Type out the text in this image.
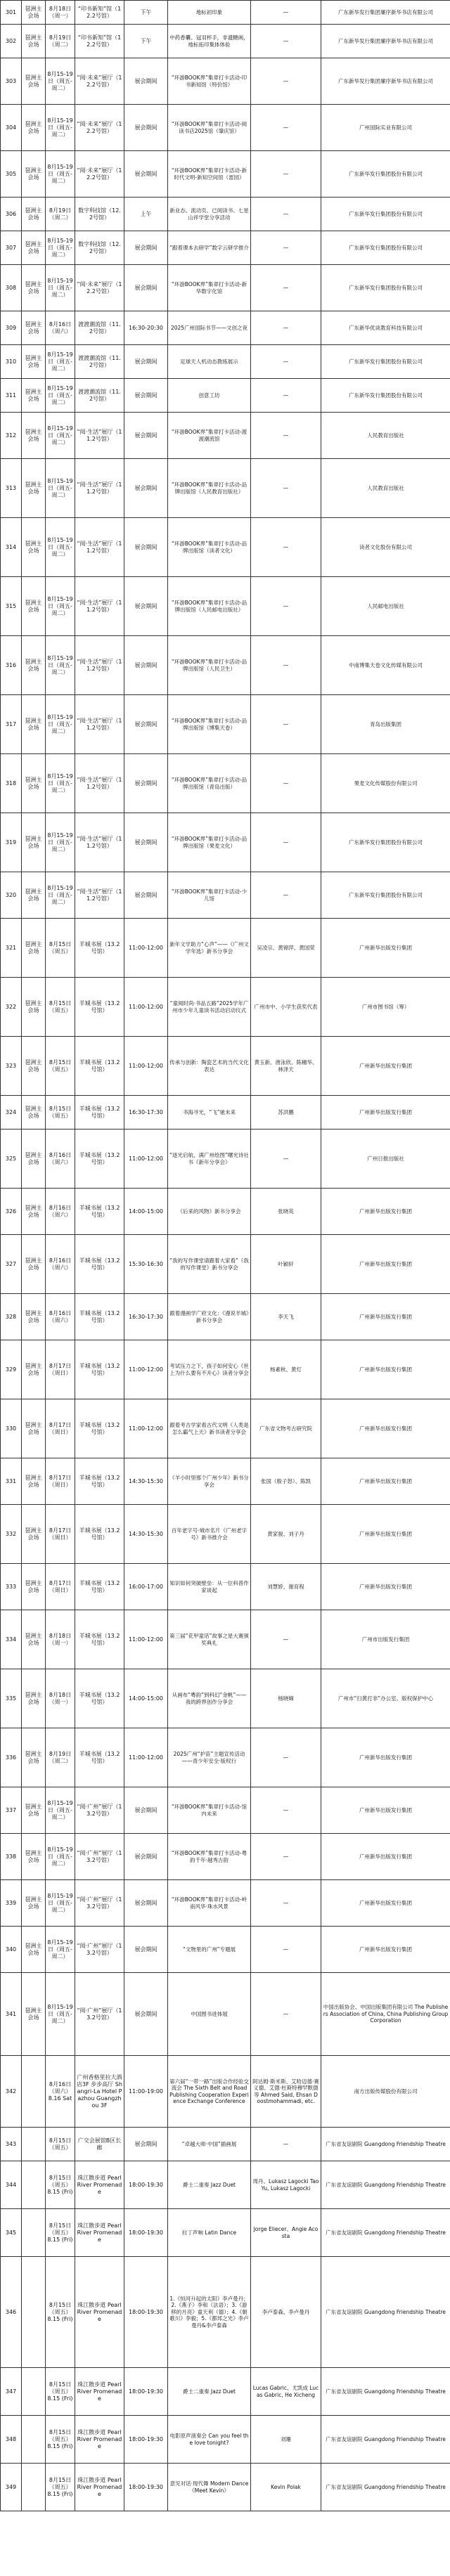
301	琶洲主会场	8月18日（周一）	“印书新知”馆（12.2号馆）	下午	地标初印象	—	广东新华发行集团廉序新华书店有限公司
302	琶洲主会场	8月19日（周二）	“印书新知”馆（12.2号馆）	下午	中药香囊、冠羽杯手，非遗糖画，地标拓印集体体验	—	广东新华发行集团廉序新华书店有限公司
303	琶洲主会场	8月15-19日（周五-周二）	“阅·未来”展厅（12.2号馆）	展会期间	“环游BOOK界”集章打卡活动-印书新知馆（特价馆）	—	广东新华发行集团廉序新华书店有限公司
304	琶洲主会场	8月15-19日（周五-周二）	“阅·未来”展厅（12.2号馆）	展会期间	“环游BOOK界”集章打卡活动-阅读书店2025馆（肇庆馆）	—	广州国际实业有限公司
305	琶洲主会场	8月15-19日（周五-周二）	“阅·未来”展厅（12.2号馆）	展会期间	“环游BOOK界”集章打卡活动-新时代文明-新知空间馆（雷园）	—	广东新华发行集团股份有限公司
306	琶洲主会场	8月19日（周二）	数字科技馆（12.2号馆）	上午	新业态、流动页、已阅读书、七星山祥学堂分享活动	—	广东新华发行集团股份有限公司
307	琶洲主会场	8月15-19日（周五-周二）	数字科技馆（12.2号馆）	展会期间	“跟着课本去研学”数字云研学推介	—	广东新华发行集团股份有限公司
308	琶洲主会场	8月15-19日（周五-周二）	“阅·未来”展厅（12.2号馆）	展会期间	“环游BOOK界”集章打卡活动-新华数字化馆	—	广东新华发行集团股份有限公司
309	琶洲主会场	8月16日（周六）	渡渡潮流馆（11.2号馆）	16:30-20:30	2025广州国际书节——文创之夜	—	广东新华优谈教育科技有限公司
310	琶洲主会场	8月15-19日（周五-周二）	渡渡潮流馆（11.2号馆）	展会期间	足球天人机动态教练展示	—	广东新华发行集团股份有限公司
311	琶洲主会场	8月15-19日（周五-周二）	渡渡潮流馆（11.2号馆）	展会期间	创意工坊	—	广东新华发行集团股份有限公司
312	琶洲主会场	8月15-19日（周五-周二）	“阅·生活”展厅（11.2号馆）	展会期间	“环游BOOK界”集章打卡活动-渡渡潮流馆	—	人民教育出版社
313	琶洲主会场	8月15-19日（周五-周二）	“阅·生活”展厅（11.2号馆）	展会期间	“环游BOOK界”集章打卡活动-品牌出版馆（人民教育出版社）	—	人民教育出版社
314	琶洲主会场	8月15-19日（周五-周二）	“阅·生活”展厅（11.2号馆）	展会期间	“环游BOOK界”集章打卡活动-品牌出版馆（读者文化）	—	读者文化股份有限公司
315	琶洲主会场	8月15-19日（周五-周二）	“阅·生活”展厅（11.2号馆）	展会期间	“环游BOOK界”集章打卡活动-品牌出版馆（人民邮电出版社）	—	人民邮电出版社
316	琶洲主会场	8月15-19日（周五-周二）	“阅·生活”展厅（11.2号馆）	展会期间	“环游BOOK界”集章打卡活动-品牌出版馆（人民卫生）	—	中南博集天卷文化传媒有限公司
317	琶洲主会场	8月15-19日（周五-周二）	“阅·生活”展厅（11.2号馆）	展会期间	“环游BOOK界”集章打卡活动-品牌出版馆（博集天卷）	—	青岛出版集团
318	琶洲主会场	8月15-19日（周五-周二）	“阅·生活”展厅（11.2号馆）	展会期间	“环游BOOK界”集章打卡活动-品牌出版馆（青岛出版）	—	果麦文化传媒股份有限公司
319	琶洲主会场	8月15-19日（周五-周二）	“阅·生活”展厅（11.2号馆）	展会期间	“环游BOOK界”集章打卡活动-品牌出版馆（果麦文化）	—	广东新华发行集团股份有限公司
320	琶洲主会场	8月15-19日（周五-周二）	“阅·生活”展厅（11.2号馆）	展会期间	“环游BOOK界”集章打卡活动-少儿馆	—	广东新华发行集团股份有限公司
321	琶洲主会场	8月15日（周五）	羊城书展（13.2号馆）	11:00-12:00	新年文学助力“心声”——《广州文学年选》新书分享会	吴凌宗、黄锦萍、黄国荣	广州新华出版发行集团
322	琶洲主会场	8月15日（周五）	羊城书展（13.2号馆）	11:00-12:00	“童阅时尚·书品五路”2025学年广州市少年儿童读书活动启动仪式	广州市中、小学生获奖代表	广州市图书馆（筹）
323	琶洲主会场	8月15日（周五）	羊城书展（13.2号馆）	11:00-12:00	传承与创新：陶瓷艺术的当代文化表达	黄玉新、唐泳欣、陈穗华、林泽天	广州新华出版发行集团
324	琶洲主会场	8月15日（周五）	羊城书展（13.2号馆）	16:30-17:30	书海寻光，“飞”驰未来	苏洪鹏	广州新华出版发行集团
325	琶洲主会场	8月16日（周六）	羊城书展（13.2号馆）	11:00-12:00	“逐光启航，满广州绘图”曙光诗社书《新年分享会》	—	广州日报出版社
326	琶洲主会场	8月16日（周六）	羊城书展（13.2号馆）	14:00-15:00	《后来的风物》新书分享会	张晓英	广州新华出版发行集团
327	琶洲主会场	8月16日（周六）	羊城书展（13.2号馆）	15:30-16:30	“我的写作课堂请跟着大家看”《我的写作课堂》新书分享会	叶颖轩	广州新华出版发行集团
328	琶洲主会场	8月16日（周六）	羊城书展（13.2号馆）	16:30-17:30	跟着漫画学广府文化：《漫说羊城》新书分享会	李天飞	广州新华出版发行集团
329	琶洲主会场	8月17日（周日）	羊城书展（13.2号馆）	11:00-12:00	考试压力之下，孩子如何安心《世上为什么要有不开心》读者分享会	杨素秋、黄灯	广州新华出版发行集团
330	琶洲主会场	8月17日（周日）	羊城书展（13.2号馆）	11:00-12:00	跟着考古学家看古代文明《人类是怎么霸气上天》新书读者分享会	广东省文物考古研究院	广州新华出版发行集团
331	琶洲主会场	8月17日（周日）	羊城书展（13.2号馆）	14:30-15:30	《羊小时里那个广州少年》新书分享会	张国（殷子怒）、陈凯	广州新华出版发行集团
332	琶洲主会场	8月17日（周日）	羊城书展（13.2号馆）	14:30-15:30	百年老字号·城市名片《广州老字号》新书推介会	黄家骏、刘子丹	广州新华出版发行集团
333	琶洲主会场	8月17日（周日）	羊城书展（13.2号馆）	16:00-17:00	知识如何突破壁垒：从一位科普作家谈起	刘慧娇、谢育程	广州新华出版发行集团
334	琶洲主会场	8月18日（周一）	羊城书展（13.2号馆）	11:00-12:00	第三届“花甲童话”故事之星大赛颁奖典礼	—	广州市出版发行集团
335	琶洲主会场	8月18日（周一）	羊城书展（13.2号馆）	14:00-15:00	从画布“粵韵”到科幻“金帆”——我的跨界创作分享会	杨晓嫦	广州市“扫黄打非”办公室、版权保护中心
336	琶洲主会场	8月19日（周二）	羊城书展（13.2号馆）	11:00-12:00	2025广州“护苗”主题宣传活动——青少年安全·版权行	—	广州新华出版发行集团
337	琶洲主会场	8月15-19日（周五-周二）	“阅·广州”展厅（13.2号馆）	展会期间	“环游BOOK界”集章打卡活动-馆内未来	—	广州新华出版发行集团
338	琶洲主会场	8月15-19日（周五-周二）	“阅·广州”展厅（13.2号馆）	展会期间	“环游BOOK界”集章打卡活动-粤韵千年·越秀古韵	—	广州新华出版发行集团
339	琶洲主会场	8月15-19日（周五-周二）	“阅·广州”展厅（13.2号馆）	展会期间	“环游BOOK界”集章打卡活动-岭南风华·珠水风景	—	广州新华出版发行集团
340	琶洲主会场	8月15-19日（周五-周二）	“阅·广州”展厅（13.2号馆）	展会期间	“文物里的广州”专题展	—	广州新华出版发行集团
341	琶洲主会场	8月15-19日（周五-周二）	“阅·广州”展厅（13.2号馆）	展会期间	中国图书进体展	—	中国出版协会、中国出版集团有限公司 The Publishers Association of China, China Publishing Group Corporation
342		8月16日（周六）8.16 Sat	广州香格里拉大酒店3F 步步高厅 Shangri-La Hotel Pazhou Guangzhou 3F	11:00-19:00	第六届“一带一路”出版合作经验交流会 The Sixth Belt and Road Publishing Cooperation Experience Exchange Conference	阿达姆·斯米斯、艾哈迈德·赛义德、艾德·杜斯特穆罕默德等 Ahmed Said, Ehsan Doostmohammadi, etc.	南方出版传媒股份有限公司
343		8月15日（周五）	广交会展馆B区长廊	展会期间	“卓越大师·中国”插画展	—	广东省友谊剧院 Guangdong Friendship Theatre
344		8月15日（周五）8.15 (Fri)	珠江散步道 Pearl River Promenade	18:00-19:30	爵士二重奏 Jazz Duet	周丹、Lukasz Lagocki Tao Yu, Lukasz Lagocki	广东省友谊剧院 Guangdong Friendship Theatre
345		8月15日（周五）8.15 (Fri)	珠江散步道 Pearl River Promenade	18:00-19:30	拉丁声响 Latin Dance	Jorge Eliecer、Angie Acosta	广东省友谊剧院 Guangdong Friendship Theatre
346		8月15日（周五）8.15 (Fri)	珠江散步道 Pearl River Promenade	18:00-19:30	1.《恒河升起的太阳》李卢曼丹；2.《燕子》李和（法语）；3.《游移的月亮》童天利（德）；4.《朝歌川》李毅；5.《都邦之光》李卢曼丹&李卢泰森	李卢泰森、李卢曼丹	广东省友谊剧院 Guangdong Friendship Theatre
347		8月15日（周五）8.15 (Fri)	珠江散步道 Pearl River Promenade	18:00-19:30	爵士二重奏 Jazz Duet	Lucas Gabric、尤凯成 Lucas Gabric, He Xicheng	广东省友谊剧院 Guangdong Friendship Theatre
348		8月15日（周五）8.15 (Fri)	珠江散步道 Pearl River Promenade	18:00-19:30	电影原声演奏会 Can you feel the love tonight?	刘珊	广东省友谊剧院 Guangdong Friendship Theatre
349		8月15日（周五）8.15 (Fri)	珠江散步道 Pearl River Promenade	18:00-19:30	意见对话·现代舞 Modern Dance《Meet Kevin》	Kevin Polak	广东省友谊剧院 Guangdong Friendship Theatre
